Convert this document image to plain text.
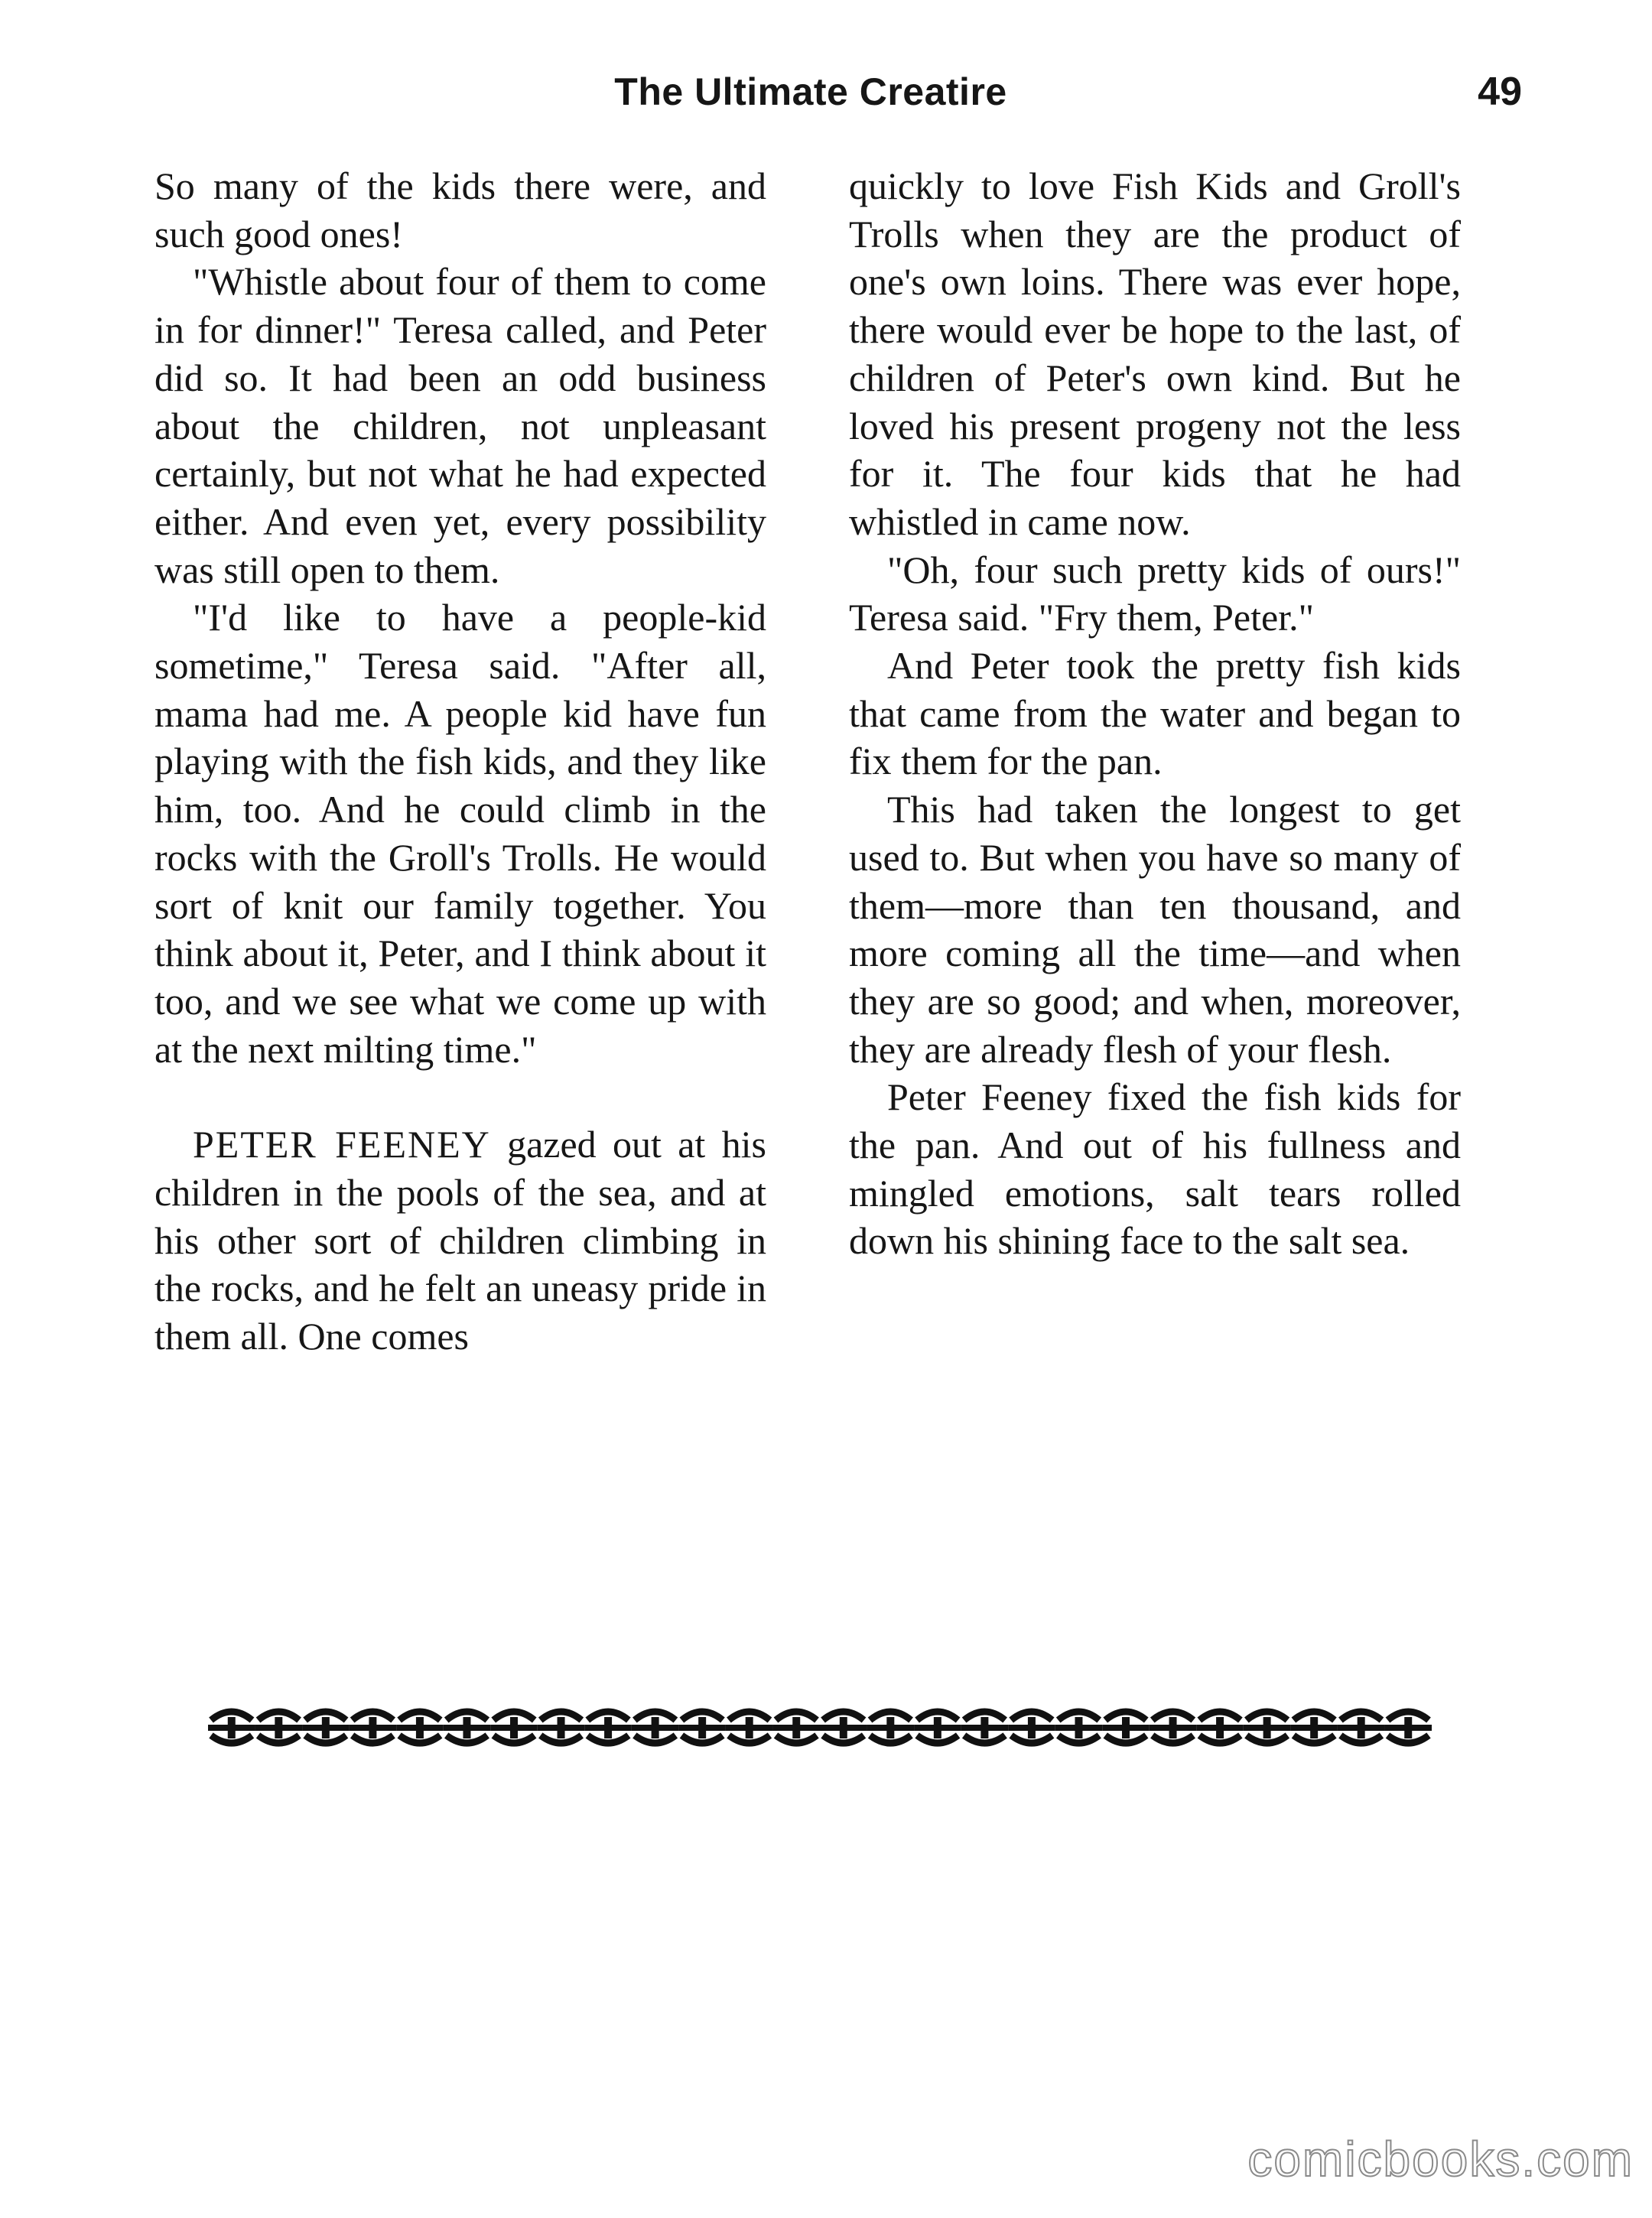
The Ultimate Creatire	49

So many of the kids there were, and such good ones!

"Whistle about four of them to come in for dinner!" Teresa called, and Peter did so. It had been an odd business about the children, not unpleasant certainly, but not what he had expected either. And even yet, every possibility was still open to them.

"I'd like to have a people-kid sometime," Teresa said. "After all, mama had me. A people kid have fun playing with the fish kids, and they like him, too. And he could climb in the rocks with the Groll's Trolls. He would sort of knit our family together. You think about it, Peter, and I think about it too, and we see what we come up with at the next milting time."

PETER FEENEY gazed out at his children in the pools of the sea, and at his other sort of children climbing in the rocks, and he felt an uneasy pride in them all. One comes

quickly to love Fish Kids and Groll's Trolls when they are the product of one's own loins. There was ever hope, there would ever be hope to the last, of children of Peter's own kind. But he loved his present progeny not the less for it. The four kids that he had whistled in came now.

"Oh, four such pretty kids of ours!" Teresa said. "Fry them, Peter."

And Peter took the pretty fish kids that came from the water and began to fix them for the pan.

This had taken the longest to get used to. But when you have so many of them—more than ten thousand, and more coming all the time—and when they are so good; and when, moreover, they are already flesh of your flesh.

Peter Feeney fixed the fish kids for the pan. And out of his fullness and mingled emotions, salt tears rolled down his shining face to the salt sea.

comicbooks.com
